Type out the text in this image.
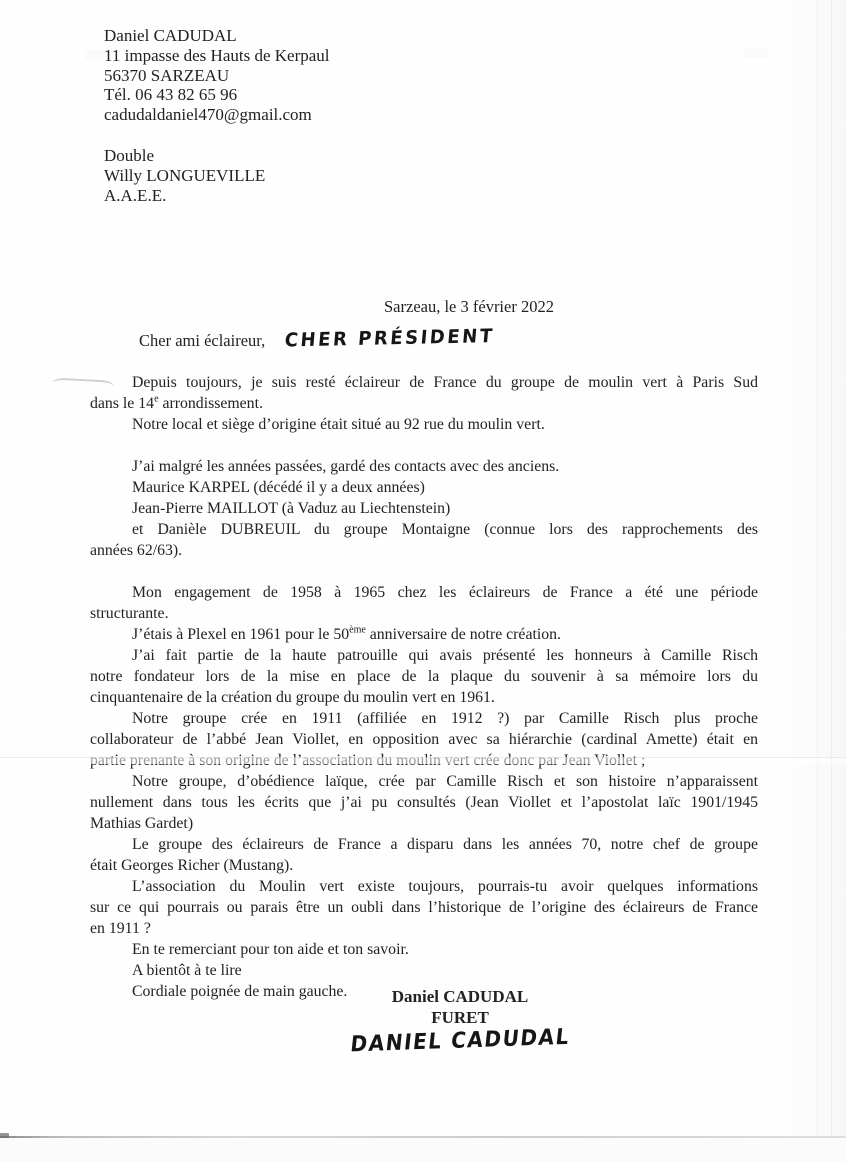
Daniel CADUDAL
11 impasse des Hauts de Kerpaul
56370 SARZEAU
Tél. 06 43 82 65 96
cadudaldaniel470@gmail.com
Double
Willy LONGUEVILLE
A.A.E.E.
Sarzeau, le 3 février 2022
Cher ami éclaireur, CHER PRÉSIDENT
Depuis toujours, je suis resté éclaireur de France du groupe de moulin vert à Paris Sud
dans le 14e arrondissement.
Notre local et siège d’origine était situé au 92 rue du moulin vert.
J’ai malgré les années passées, gardé des contacts avec des anciens.
Maurice KARPEL (décédé il y a deux années)
Jean-Pierre MAILLOT (à Vaduz au Liechtenstein)
et Danièle DUBREUIL du groupe Montaigne (connue lors des rapprochements des
années 62/63).
Mon engagement de 1958 à 1965 chez les éclaireurs de France a été une période
structurante.
J’étais à Plexel en 1961 pour le 50ème anniversaire de notre création.
J’ai fait partie de la haute patrouille qui avais présenté les honneurs à Camille Risch
notre fondateur lors de la mise en place de la plaque du souvenir à sa mémoire lors du
cinquantenaire de la création du groupe du moulin vert en 1961.
Notre groupe crée en 1911 (affiliée en 1912 ?) par Camille Risch plus proche
collaborateur de l’abbé Jean Viollet, en opposition avec sa hiérarchie (cardinal Amette) était en
Notre groupe, d’obédience laïque, crée par Camille Risch et son histoire n’apparaissent
nullement dans tous les écrits que j’ai pu consultés (Jean Viollet et l’apostolat laïc 1901/1945
Mathias Gardet)
Le groupe des éclaireurs de France a disparu dans les années 70, notre chef de groupe
était Georges Richer (Mustang).
L’association du Moulin vert existe toujours, pourrais-tu avoir quelques informations
sur ce qui pourrais ou parais être un oubli dans l’historique de l’origine des éclaireurs de France
en 1911 ?
En te remerciant pour ton aide et ton savoir.
A bientôt à te lire
Cordiale poignée de main gauche.	Daniel CADUDAL
FURET
DANIEL CADUDAL
